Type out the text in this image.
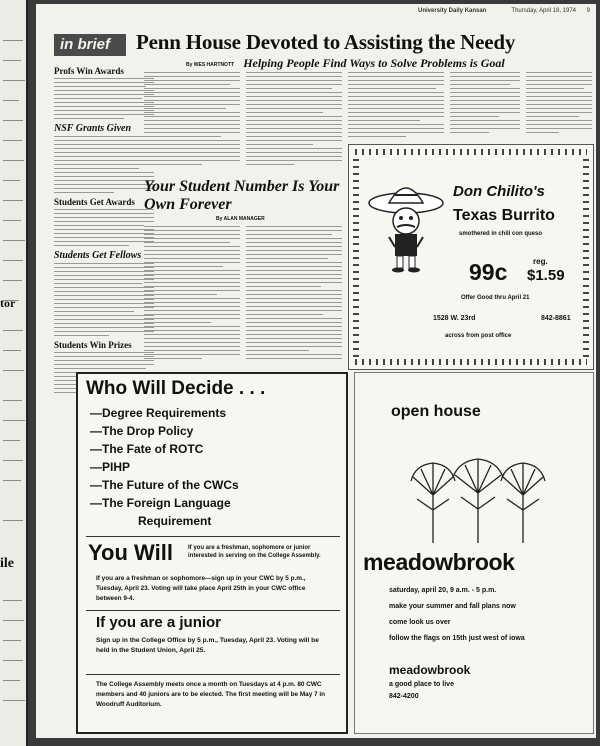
tor
ile
University Daily Kansan	Thursday, April 18, 1974 9
in brief
Profs Win Awards
NSF Grants Given
Students Get Awards
Students Get Fellows
Students Win Prizes
Penn House Devoted to Assisting the Needy
Helping People Find Ways to Solve Problems is Goal
By WES HARTNOTT
Your Student Number Is Your Own Forever
By ALAN MANAGER
Don Chilito's
Texas Burrito
smothered in chili con queso
99c	reg.
$1.59
Offer Good thru April 21
1528 W. 23rd	842-8861
across from post office
Who Will Decide . . .
—Degree Requirements
—The Drop Policy
—The Fate of ROTC
—PIHP
—The Future of the CWCs
—The Foreign Language
Requirement
You Will	If you are a freshman, sophomore or junior interested in serving on the College Assembly.
If you are a freshman or sophomore—sign up in your CWC by 5 p.m., Tuesday, April 23. Voting will take place April 25th in your CWC office between 9-4.
If you are a junior
Sign up in the College Office by 5 p.m., Tuesday, April 23. Voting will be held in the Student Union, April 25.
The College Assembly meets once a month on Tuesdays at 4 p.m. 80 CWC members and 40 juniors are to be elected. The first meeting will be May 7 in Woodruff Auditorium.
open house
meadowbrook
saturday, april 20, 9 a.m. - 5 p.m.
make your summer and fall plans now
come look us over
follow the flags on 15th just west of iowa
meadowbrook
a good place to live
842-4200
